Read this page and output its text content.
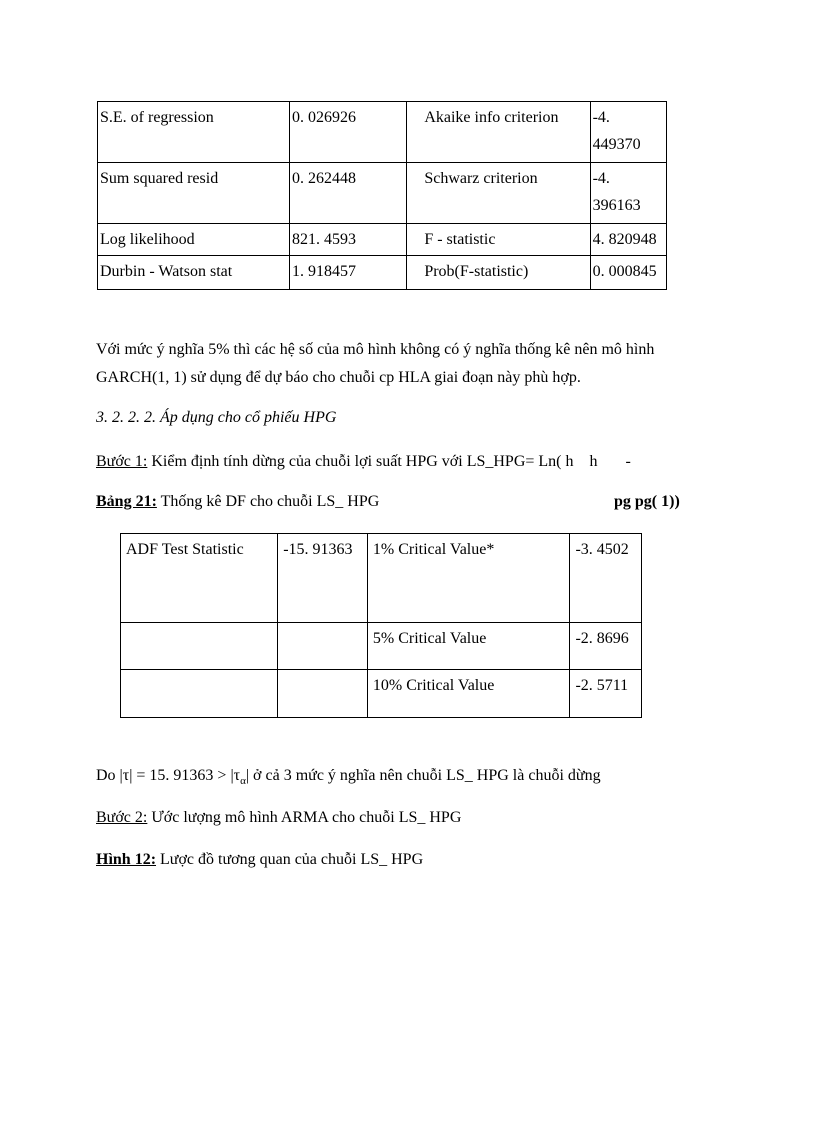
S.E. of regression	0. 026926	Akaike info criterion	-4.
449370
Sum squared resid	0. 262448	Schwarz criterion	-4.
396163
Log likelihood	821. 4593	F - statistic	4. 820948
Durbin - Watson stat	1. 918457	Prob(F-statistic)	0. 000845
Với mức ý nghĩa 5% thì các hệ số của mô hình không có ý nghĩa thống kê nên mô hình GARCH(1, 1) sử dụng để dự báo cho chuỗi cp HLA giai đoạn này phù hợp.
3. 2. 2. 2. Áp dụng cho cổ phiếu HPG
Bước 1: Kiểm định tính dừng của chuỗi lợi suất HPG với LS_HPG= Ln( h h -
Bảng 21: Thống kê DF cho chuỗi LS_ HPG	pg pg( 1))
ADF Test Statistic	-15. 91363	1% Critical Value*	-3. 4502
		5% Critical Value	-2. 8696
		10% Critical Value	-2. 5711
Do |τ| = 15. $91363 > |\tau_\alpha|$ ở cả 3 mức ý nghĩa nên chuỗi LS_ HPG là chuỗi dừng
Bước 2: Ước lượng mô hình ARMA cho chuỗi LS_ HPG
Hình 12: Lược đồ tương quan của chuỗi LS_ HPG
